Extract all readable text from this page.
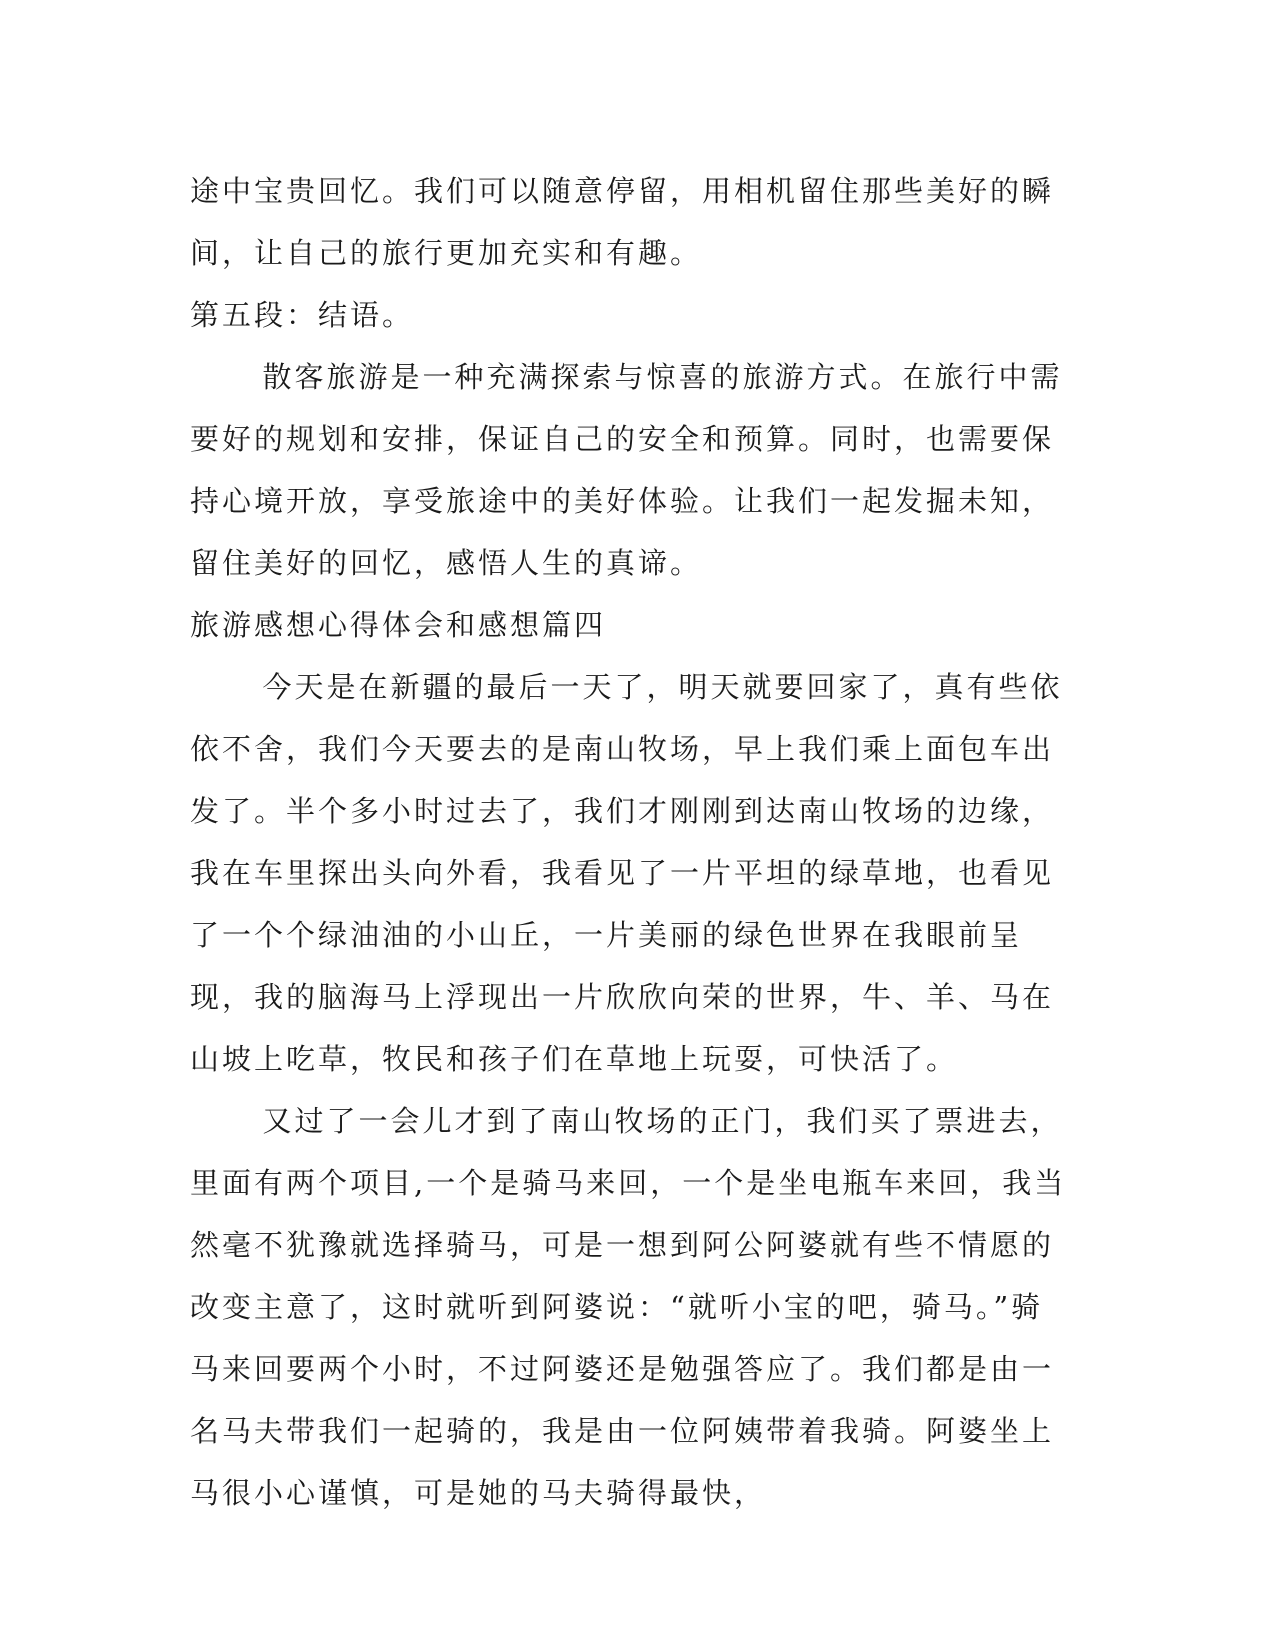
途中宝贵回忆。我们可以随意停留，用相机留住那些美好的瞬间，让自己的旅行更加充实和有趣。

第五段：结语。

散客旅游是一种充满探索与惊喜的旅游方式。在旅行中需要好的规划和安排，保证自己的安全和预算。同时，也需要保持心境开放，享受旅途中的美好体验。让我们一起发掘未知，留住美好的回忆，感悟人生的真谛。

旅游感想心得体会和感想篇四

今天是在新疆的最后一天了，明天就要回家了，真有些依依不舍，我们今天要去的是南山牧场，早上我们乘上面包车出发了。半个多小时过去了，我们才刚刚到达南山牧场的边缘，我在车里探出头向外看，我看见了一片平坦的绿草地，也看见了一个个绿油油的小山丘，一片美丽的绿色世界在我眼前呈现，我的脑海马上浮现出一片欣欣向荣的世界，牛、羊、马在山坡上吃草，牧民和孩子们在草地上玩耍，可快活了。

又过了一会儿才到了南山牧场的正门，我们买了票进去，里面有两个项目,一个是骑马来回，一个是坐电瓶车来回，我当然毫不犹豫就选择骑马，可是一想到阿公阿婆就有些不情愿的改变主意了，这时就听到阿婆说：“就听小宝的吧，骑马。”骑马来回要两个小时，不过阿婆还是勉强答应了。我们都是由一名马夫带我们一起骑的，我是由一位阿姨带着我骑。阿婆坐上马很小心谨慎，可是她的马夫骑得最快，
